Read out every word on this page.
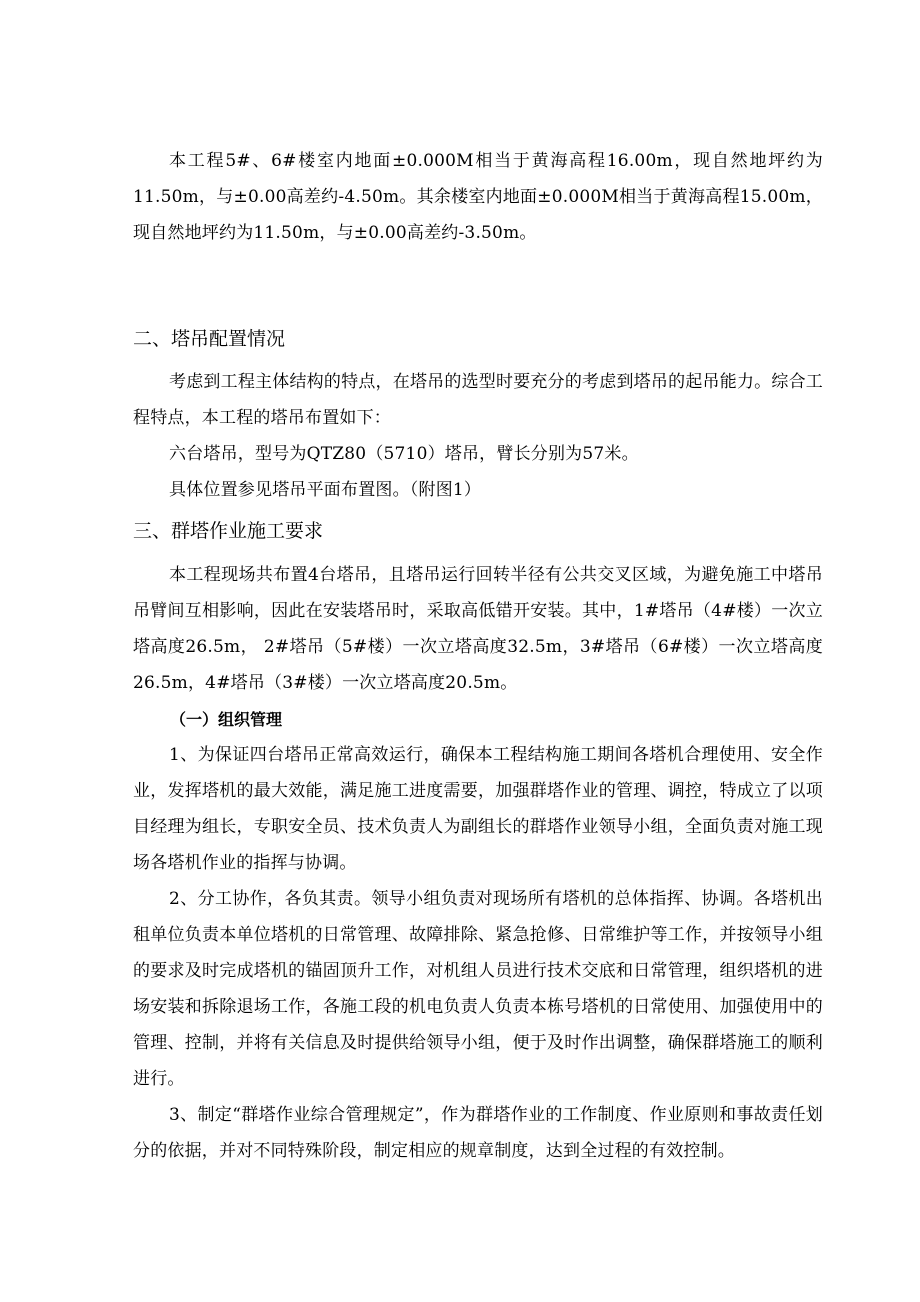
本工程5#、6#楼室内地面±0.000M相当于黄海高程16.00m，现自然地坪约为11.50m，与±0.00高差约-4.50m。其余楼室内地面±0.000M相当于黄海高程15.00m，现自然地坪约为11.50m，与±0.00高差约-3.50m。

二、塔吊配置情况

考虑到工程主体结构的特点，在塔吊的选型时要充分的考虑到塔吊的起吊能力。综合工程特点，本工程的塔吊布置如下：

六台塔吊，型号为QTZ80（5710）塔吊，臂长分别为57米。

具体位置参见塔吊平面布置图。（附图1）

三、群塔作业施工要求

本工程现场共布置4台塔吊，且塔吊运行回转半径有公共交叉区域，为避免施工中塔吊吊臂间互相影响，因此在安装塔吊时，采取高低错开安装。其中，1#塔吊（4#楼）一次立塔高度26.5m， 2#塔吊（5#楼）一次立塔高度32.5m，3#塔吊（6#楼）一次立塔高度26.5m，4#塔吊（3#楼）一次立塔高度20.5m。

（一）组织管理

1、为保证四台塔吊正常高效运行，确保本工程结构施工期间各塔机合理使用、安全作业，发挥塔机的最大效能，满足施工进度需要，加强群塔作业的管理、调控，特成立了以项目经理为组长，专职安全员、技术负责人为副组长的群塔作业领导小组，全面负责对施工现场各塔机作业的指挥与协调。

2、分工协作，各负其责。领导小组负责对现场所有塔机的总体指挥、协调。各塔机出租单位负责本单位塔机的日常管理、故障排除、紧急抢修、日常维护等工作，并按领导小组的要求及时完成塔机的锚固顶升工作，对机组人员进行技术交底和日常管理，组织塔机的进场安装和拆除退场工作，各施工段的机电负责人负责本栋号塔机的日常使用、加强使用中的管理、控制，并将有关信息及时提供给领导小组，便于及时作出调整，确保群塔施工的顺利进行。

3、制定“群塔作业综合管理规定”，作为群塔作业的工作制度、作业原则和事故责任划分的依据，并对不同特殊阶段，制定相应的规章制度，达到全过程的有效控制。
